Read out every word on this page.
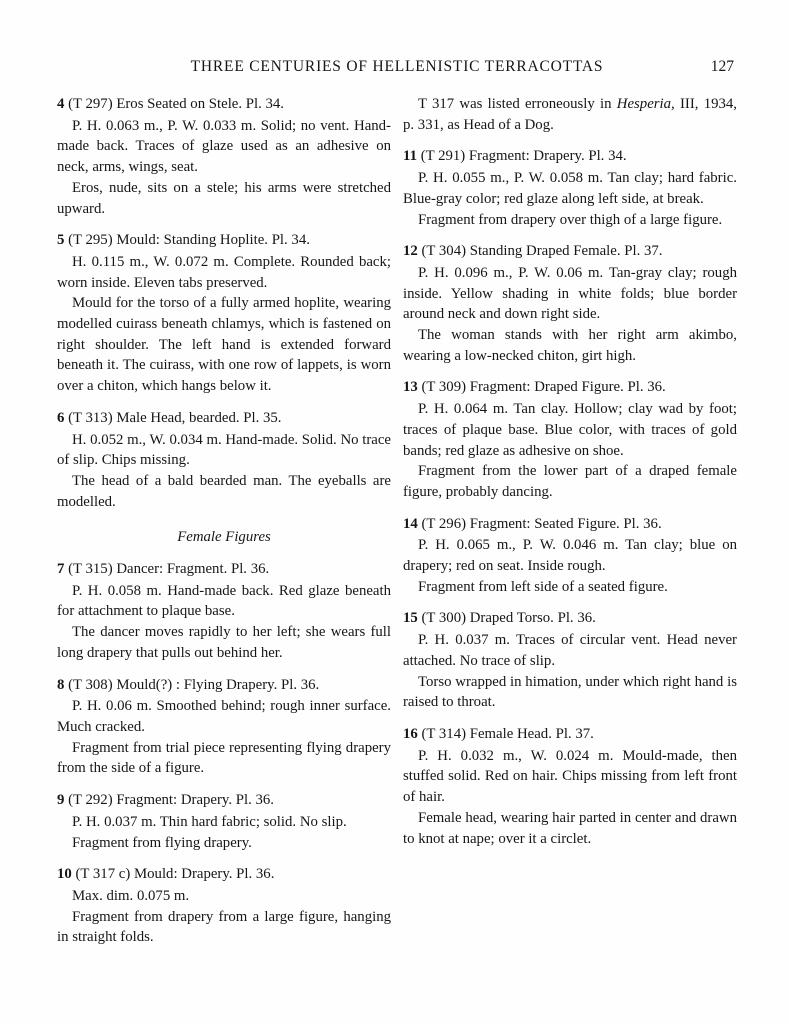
THREE CENTURIES OF HELLENISTIC TERRACOTTAS	127

4 (T 297) Eros Seated on Stele. Pl. 34.

P. H. 0.063 m., P. W. 0.033 m. Solid; no vent. Hand-made back. Traces of glaze used as an adhesive on neck, arms, wings, seat.

Eros, nude, sits on a stele; his arms were stretched upward.

5 (T 295) Mould: Standing Hoplite. Pl. 34.

H. 0.115 m., W. 0.072 m. Complete. Rounded back; worn inside. Eleven tabs preserved.

Mould for the torso of a fully armed hoplite, wearing modelled cuirass beneath chlamys, which is fastened on right shoulder. The left hand is extended forward beneath it. The cuirass, with one row of lappets, is worn over a chiton, which hangs below it.

6 (T 313) Male Head, bearded. Pl. 35.

H. 0.052 m., W. 0.034 m. Hand-made. Solid. No trace of slip. Chips missing.

The head of a bald bearded man. The eyeballs are modelled.

Female Figures

7 (T 315) Dancer: Fragment. Pl. 36.

P. H. 0.058 m. Hand-made back. Red glaze beneath for attachment to plaque base.

The dancer moves rapidly to her left; she wears full long drapery that pulls out behind her.

8 (T 308) Mould(?) : Flying Drapery. Pl. 36.

P. H. 0.06 m. Smoothed behind; rough inner surface. Much cracked.

Fragment from trial piece representing flying drapery from the side of a figure.

9 (T 292) Fragment: Drapery. Pl. 36.

P. H. 0.037 m. Thin hard fabric; solid. No slip.

Fragment from flying drapery.

10 (T 317 c) Mould: Drapery. Pl. 36.

Max. dim. 0.075 m.

Fragment from drapery from a large figure, hanging in straight folds.

T 317 was listed erroneously in Hesperia, III, 1934, p. 331, as Head of a Dog.

11 (T 291) Fragment: Drapery. Pl. 34.

P. H. 0.055 m., P. W. 0.058 m. Tan clay; hard fabric. Blue-gray color; red glaze along left side, at break.

Fragment from drapery over thigh of a large figure.

12 (T 304) Standing Draped Female. Pl. 37.

P. H. 0.096 m., P. W. 0.06 m. Tan-gray clay; rough inside. Yellow shading in white folds; blue border around neck and down right side.

The woman stands with her right arm akimbo, wearing a low-necked chiton, girt high.

13 (T 309) Fragment: Draped Figure. Pl. 36.

P. H. 0.064 m. Tan clay. Hollow; clay wad by foot; traces of plaque base. Blue color, with traces of gold bands; red glaze as adhesive on shoe.

Fragment from the lower part of a draped female figure, probably dancing.

14 (T 296) Fragment: Seated Figure. Pl. 36.

P. H. 0.065 m., P. W. 0.046 m. Tan clay; blue on drapery; red on seat. Inside rough.

Fragment from left side of a seated figure.

15 (T 300) Draped Torso. Pl. 36.

P. H. 0.037 m. Traces of circular vent. Head never attached. No trace of slip.

Torso wrapped in himation, under which right hand is raised to throat.

16 (T 314) Female Head. Pl. 37.

P. H. 0.032 m., W. 0.024 m. Mould-made, then stuffed solid. Red on hair. Chips missing from left front of hair.

Female head, wearing hair parted in center and drawn to knot at nape; over it a circlet.
